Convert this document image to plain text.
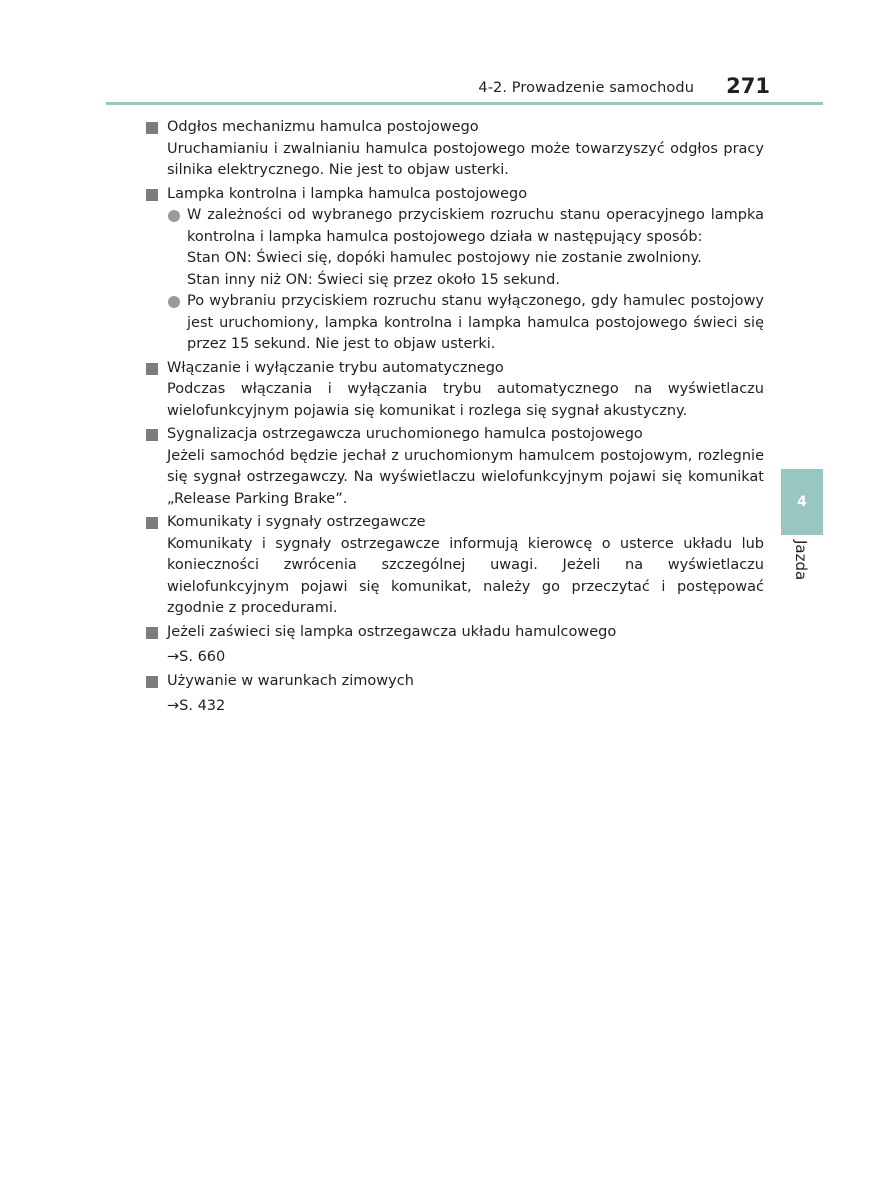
4-2. Prowadzenie samochodu 271
Odgłos mechanizmu hamulca postojowego
Uruchamianiu i zwalnianiu hamulca postojowego może towarzyszyć odgłos pracy silnika elektrycznego. Nie jest to objaw usterki.
Lampka kontrolna i lampka hamulca postojowego
W zależności od wybranego przyciskiem rozruchu stanu operacyjnego lampka kontrolna i lampka hamulca postojowego działa w następujący sposób:
Stan ON: Świeci się, dopóki hamulec postojowy nie zostanie zwolniony.
Stan inny niż ON: Świeci się przez około 15 sekund.
Po wybraniu przyciskiem rozruchu stanu wyłączonego, gdy hamulec postojowy jest uruchomiony, lampka kontrolna i lampka hamulca postojowego świeci się przez 15 sekund. Nie jest to objaw usterki.
Włączanie i wyłączanie trybu automatycznego
Podczas włączania i wyłączania trybu automatycznego na wyświetlaczu wielofunkcyjnym pojawia się komunikat i rozlega się sygnał akustyczny.
Sygnalizacja ostrzegawcza uruchomionego hamulca postojowego
Jeżeli samochód będzie jechał z uruchomionym hamulcem postojowym, rozlegnie się sygnał ostrzegawczy. Na wyświetlaczu wielofunkcyjnym pojawi się komunikat „Release Parking Brake”.
Komunikaty i sygnały ostrzegawcze
Komunikaty i sygnały ostrzegawcze informują kierowcę o usterce układu lub konieczności zwrócenia szczególnej uwagi. Jeżeli na wyświetlaczu wielofunkcyjnym pojawi się komunikat, należy go przeczytać i postępować zgodnie z procedurami.
Jeżeli zaświeci się lampka ostrzegawcza układu hamulcowego
→S. 660
Używanie w warunkach zimowych
→S. 432
4
Jazda
